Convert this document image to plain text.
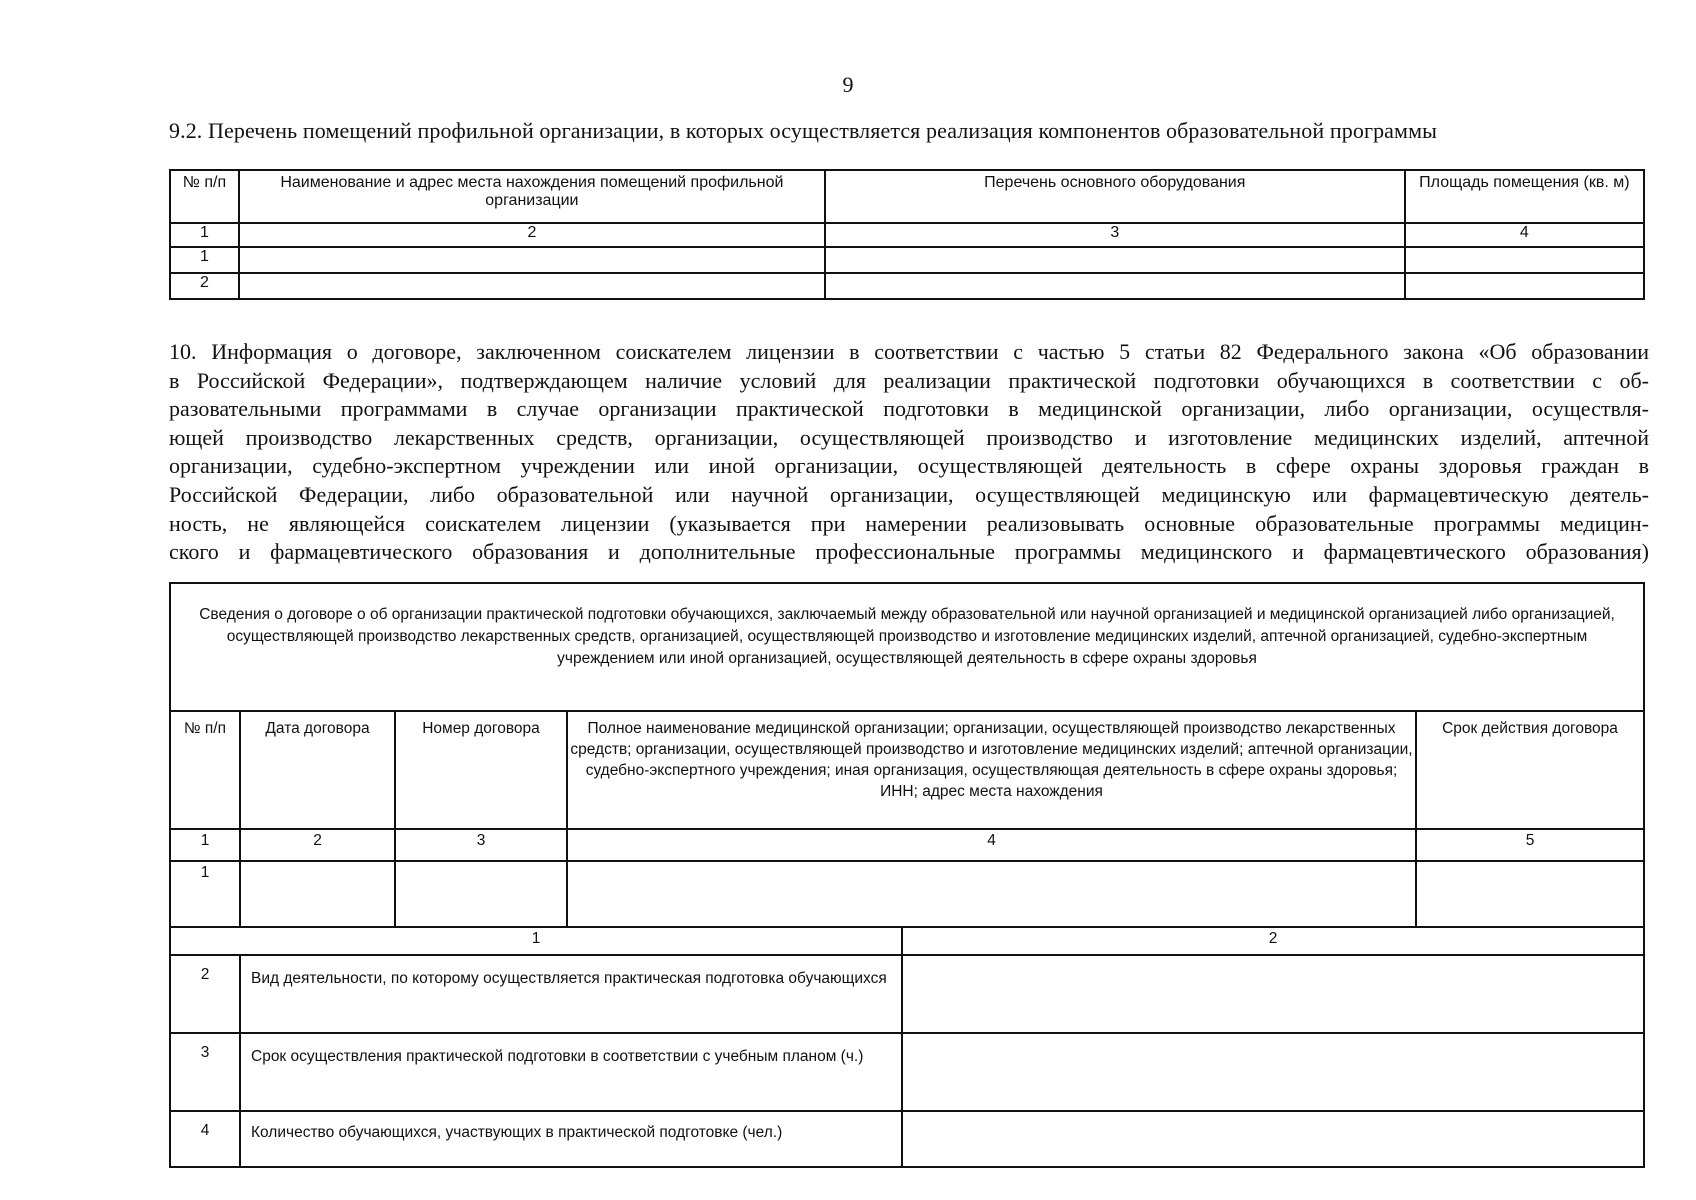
9
9.2. Перечень помещений профильной организации, в которых осуществляется реализация компонентов образовательной программы
№ п/п	Наименование и адрес места нахождения помещений профильной организации	Перечень основного оборудования	Площадь помещения (кв. м)
1	2	3	4
1			
2			
10. Информация о договоре, заключенном соискателем лицензии в соответствии с частью 5 статьи 82 Федерального закона «Об образовании
в Российской Федерации», подтверждающем наличие условий для реализации практической подготовки обучающихся в соответствии с об-
разовательными программами в случае организации практической подготовки в медицинской организации, либо организации, осуществля-
ющей производство лекарственных средств, организации, осуществляющей производство и изготовление медицинских изделий, аптечной
организации, судебно-экспертном учреждении или иной организации, осуществляющей деятельность в сфере охраны здоровья граждан в
Российской Федерации, либо образовательной или научной организации, осуществляющей медицинскую или фармацевтическую деятель-
ность, не являющейся соискателем лицензии (указывается при намерении реализовывать основные образовательные программы медицин-
ского и фармацевтического образования и дополнительные профессиональные программы медицинского и фармацевтического образования)
Сведения о договоре о об организации практической подготовки обучающихся, заключаемый между образовательной или научной организацией и медицинской организацией либо организацией, осуществляющей производство лекарственных средств, организацией, осуществляющей производство и изготовление медицинских изделий, аптечной организацией, судебно-экспертным учреждением или иной организацией, осуществляющей деятельность в сфере охраны здоровья					
№ п/п	Дата договора	Номер договора	Полное наименование медицинской организации; организации, осуществляющей производство лекарственных средств; организации, осуществляющей производство и изготовление медицинских изделий; аптечной организации, судебно-экспертного учреждения; иная организация, осуществляющая деятельность в сфере охраны здоровья; ИНН; адрес места нахождения		Срок действия договора
1	2	3	4		5
1					
1				2	
2	Вид деятельности, по которому осуществляется практическая подготовка обучающихся				
3	Срок осуществления практической подготовки в соответствии с учебным планом (ч.)				
4	Количество обучающихся, участвующих в практической подготовке (чел.)				
